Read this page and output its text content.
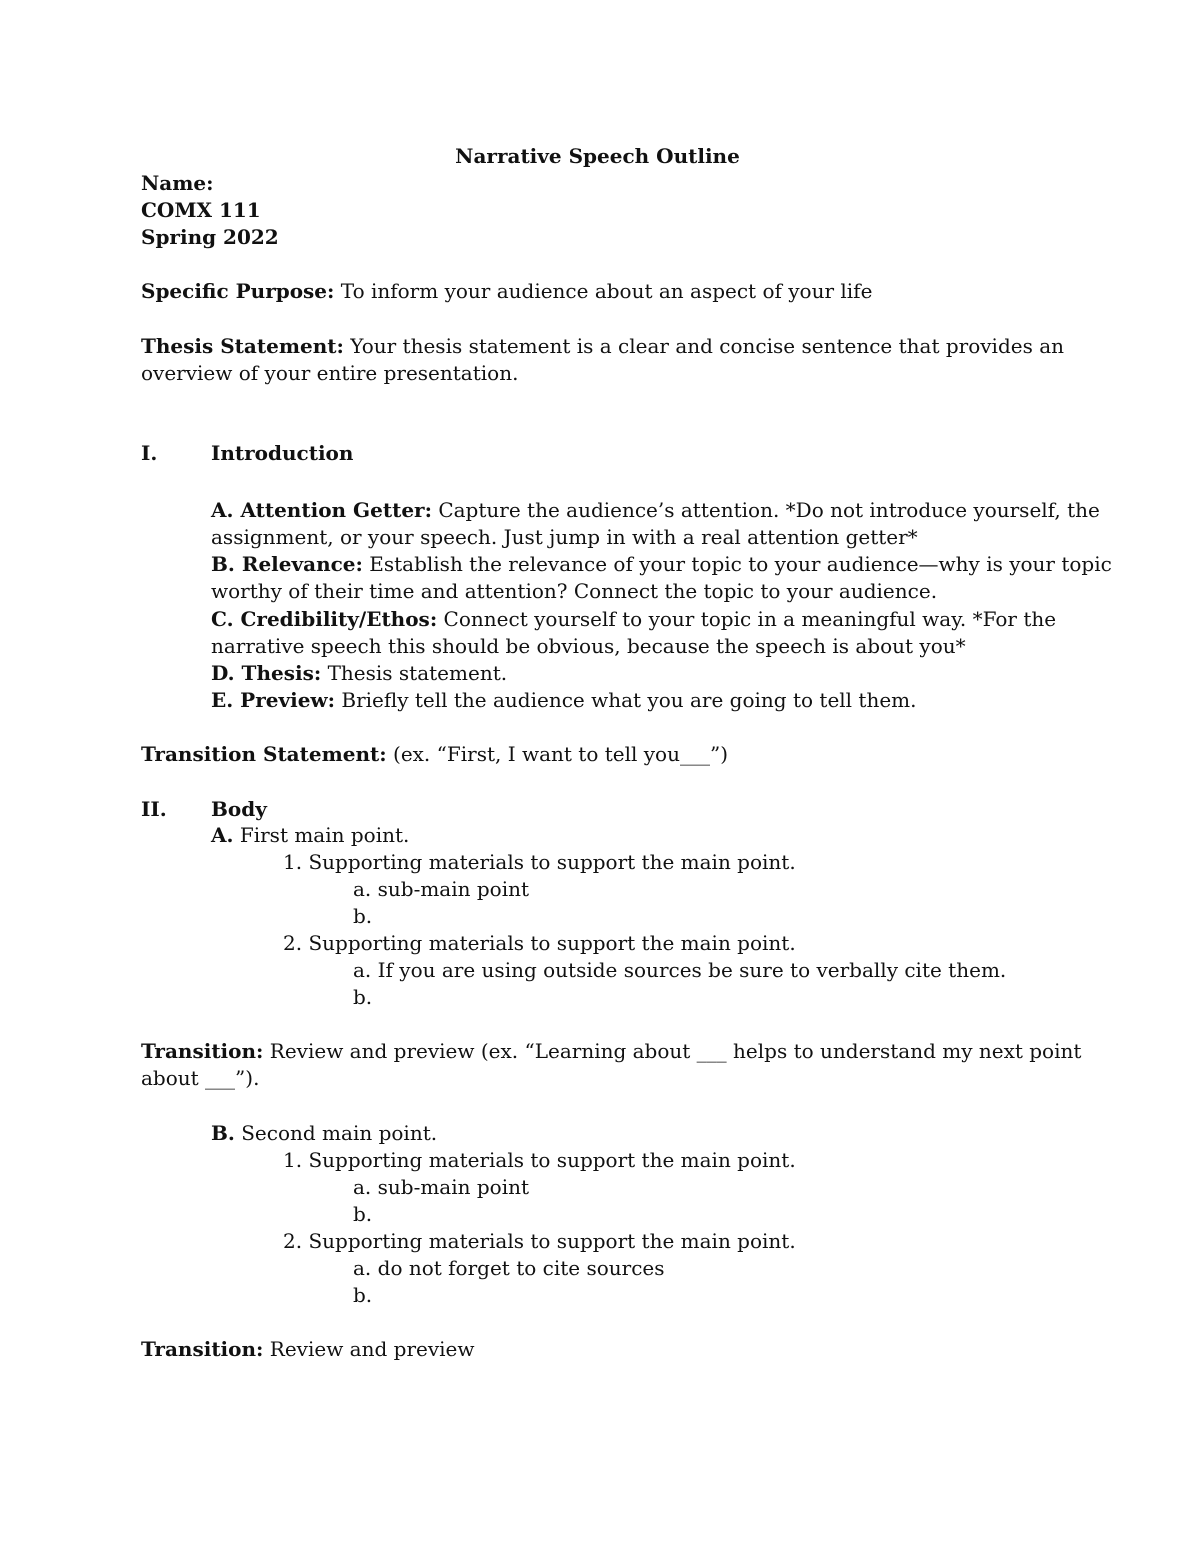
Narrative Speech Outline
Name:
COMX 111
Spring 2022
Specific Purpose: To inform your audience about an aspect of your life
Thesis Statement: Your thesis statement is a clear and concise sentence that provides an
overview of your entire presentation.
I.	Introduction
A. Attention Getter: Capture the audience’s attention. *Do not introduce yourself, the
assignment, or your speech. Just jump in with a real attention getter*
B. Relevance: Establish the relevance of your topic to your audience—why is your topic
worthy of their time and attention? Connect the topic to your audience.
C. Credibility/Ethos: Connect yourself to your topic in a meaningful way. *For the
narrative speech this should be obvious, because the speech is about you*
D. Thesis: Thesis statement.
E. Preview: Briefly tell the audience what you are going to tell them.
Transition Statement: (ex. “First, I want to tell you___”)
II. Body
A. First main point.
1. Supporting materials to support the main point.
a. sub-main point
b.
2. Supporting materials to support the main point.
a. If you are using outside sources be sure to verbally cite them.
b.
Transition: Review and preview (ex. “Learning about ___ helps to understand my next point
about ___”).
B. Second main point.
1. Supporting materials to support the main point.
a. sub-main point
b.
2. Supporting materials to support the main point.
a. do not forget to cite sources
b.
Transition: Review and preview
